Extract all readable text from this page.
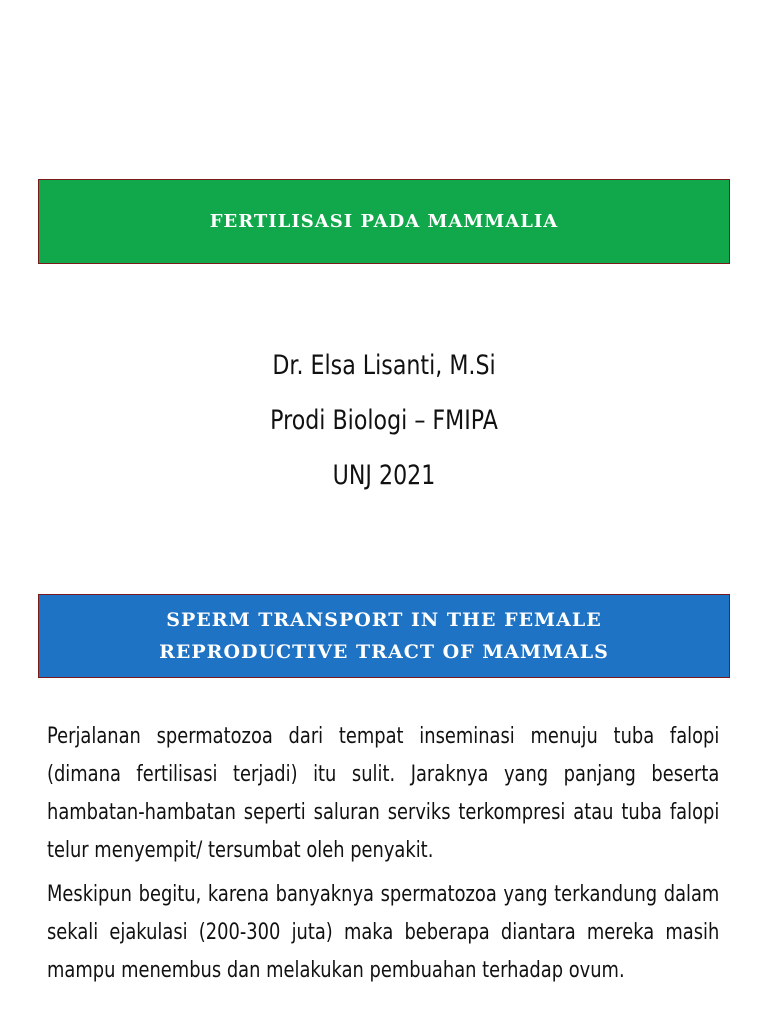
FERTILISASI PADA MAMMALIA
Dr. Elsa Lisanti, M.Si
Prodi Biologi – FMIPA
UNJ 2021
SPERM TRANSPORT IN THE FEMALE
REPRODUCTIVE TRACT OF MAMMALS

Perjalanan spermatozoa dari tempat inseminasi menuju tuba falopi (dimana fertilisasi terjadi) itu sulit. Jaraknya yang panjang beserta hambatan-hambatan seperti saluran serviks terkompresi atau tuba falopi telur menyempit/ tersumbat oleh penyakit.

Meskipun begitu, karena banyaknya spermatozoa yang terkandung dalam sekali ejakulasi (200-300 juta) maka beberapa diantara mereka masih mampu menembus dan melakukan pembuahan terhadap ovum.
